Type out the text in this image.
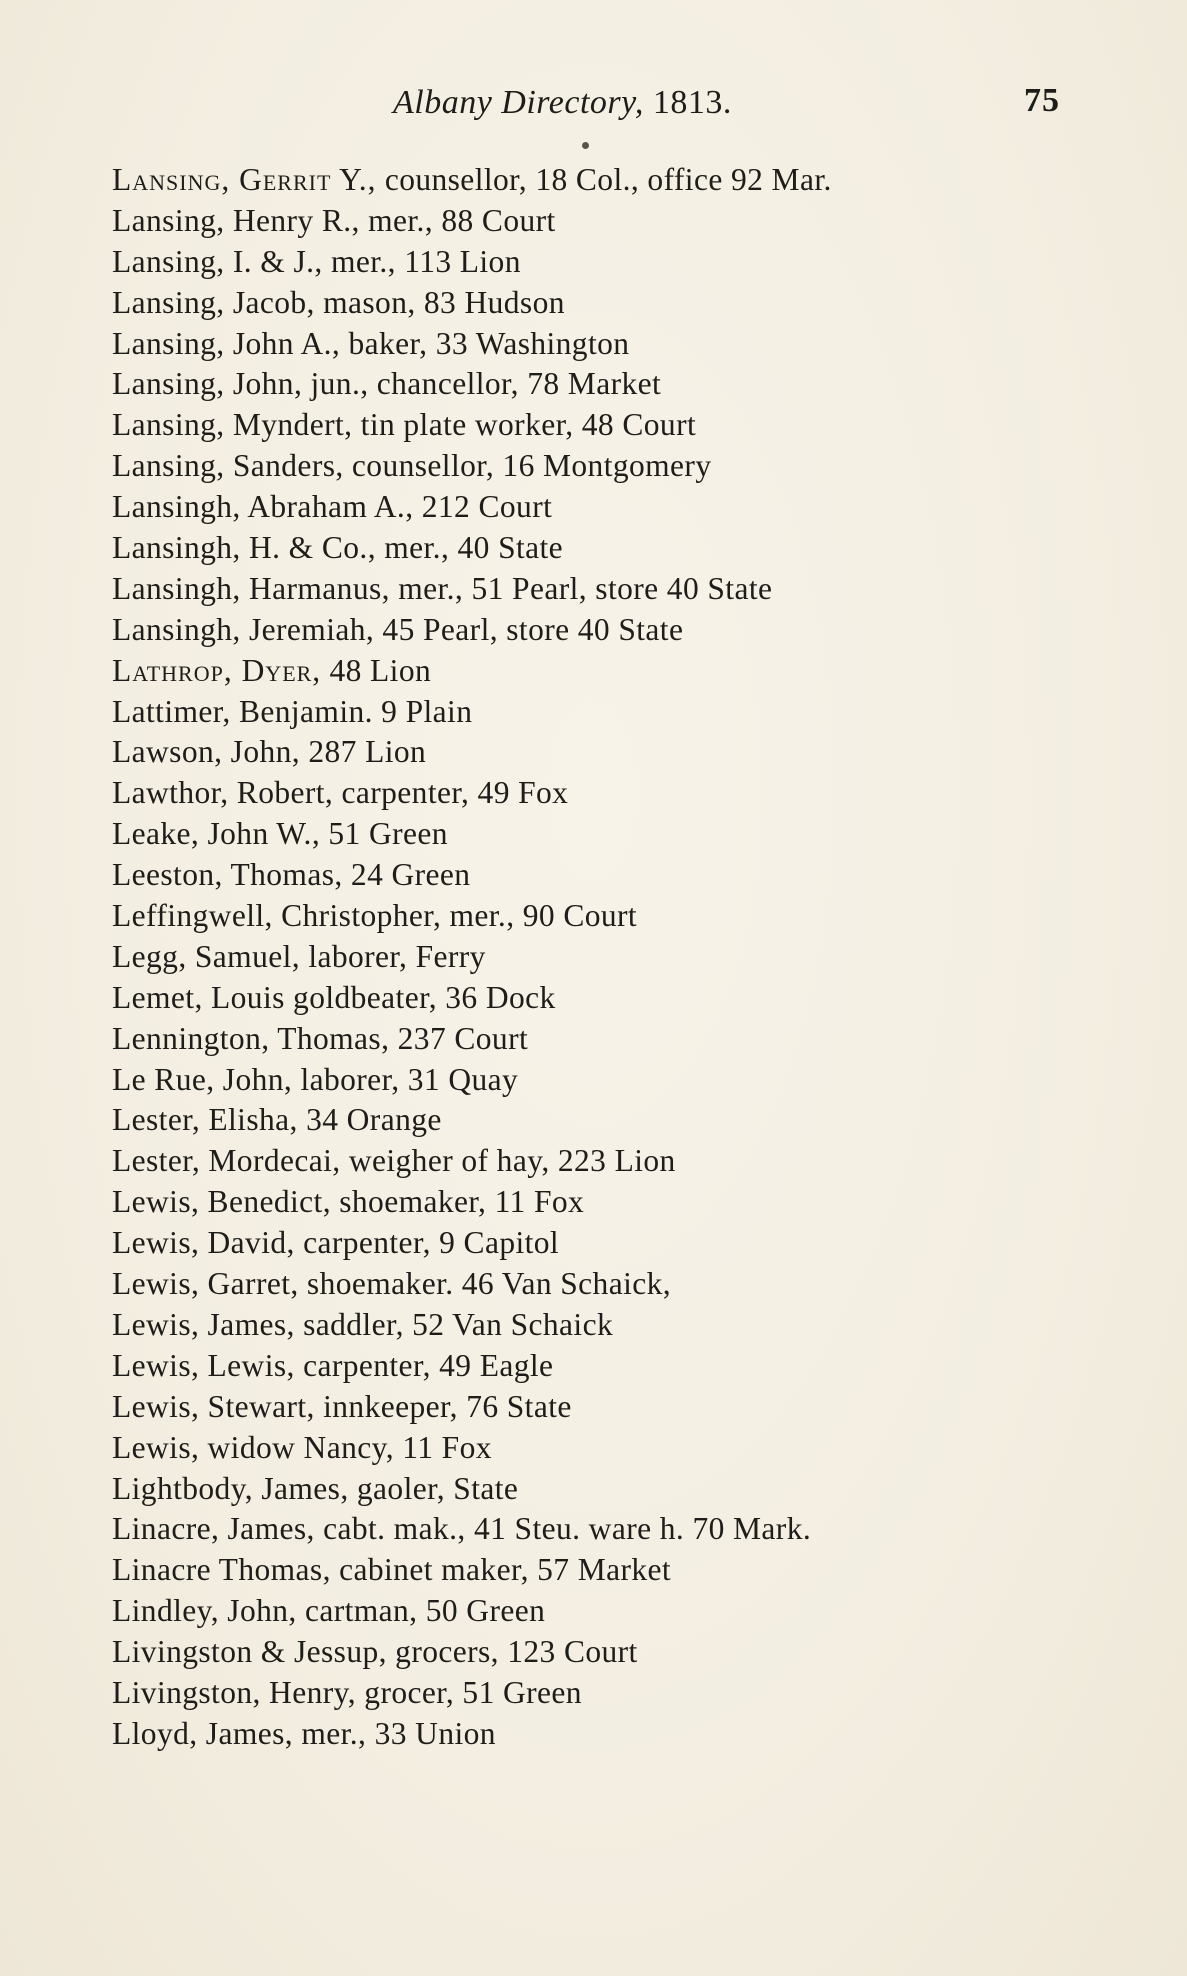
Albany Directory, 1813.	75
Lansing, Gerrit Y., counsellor, 18 Col., office 92 Mar.
Lansing, Henry R., mer., 88 Court
Lansing, I. & J., mer., 113 Lion
Lansing, Jacob, mason, 83 Hudson
Lansing, John A., baker, 33 Washington
Lansing, John, jun., chancellor, 78 Market
Lansing, Myndert, tin plate worker, 48 Court
Lansing, Sanders, counsellor, 16 Montgomery
Lansingh, Abraham A., 212 Court
Lansingh, H. & Co., mer., 40 State
Lansingh, Harmanus, mer., 51 Pearl, store 40 State
Lansingh, Jeremiah, 45 Pearl, store 40 State
Lathrop, Dyer, 48 Lion
Lattimer, Benjamin. 9 Plain
Lawson, John, 287 Lion
Lawthor, Robert, carpenter, 49 Fox
Leake, John W., 51 Green
Leeston, Thomas, 24 Green
Leffingwell, Christopher, mer., 90 Court
Legg, Samuel, laborer, Ferry
Lemet, Louis goldbeater, 36 Dock
Lennington, Thomas, 237 Court
Le Rue, John, laborer, 31 Quay
Lester, Elisha, 34 Orange
Lester, Mordecai, weigher of hay, 223 Lion
Lewis, Benedict, shoemaker, 11 Fox
Lewis, David, carpenter, 9 Capitol
Lewis, Garret, shoemaker. 46 Van Schaick,
Lewis, James, saddler, 52 Van Schaick
Lewis, Lewis, carpenter, 49 Eagle
Lewis, Stewart, innkeeper, 76 State
Lewis, widow Nancy, 11 Fox
Lightbody, James, gaoler, State
Linacre, James, cabt. mak., 41 Steu. ware h. 70 Mark.
Linacre Thomas, cabinet maker, 57 Market
Lindley, John, cartman, 50 Green
Livingston & Jessup, grocers, 123 Court
Livingston, Henry, grocer, 51 Green
Lloyd, James, mer., 33 Union
